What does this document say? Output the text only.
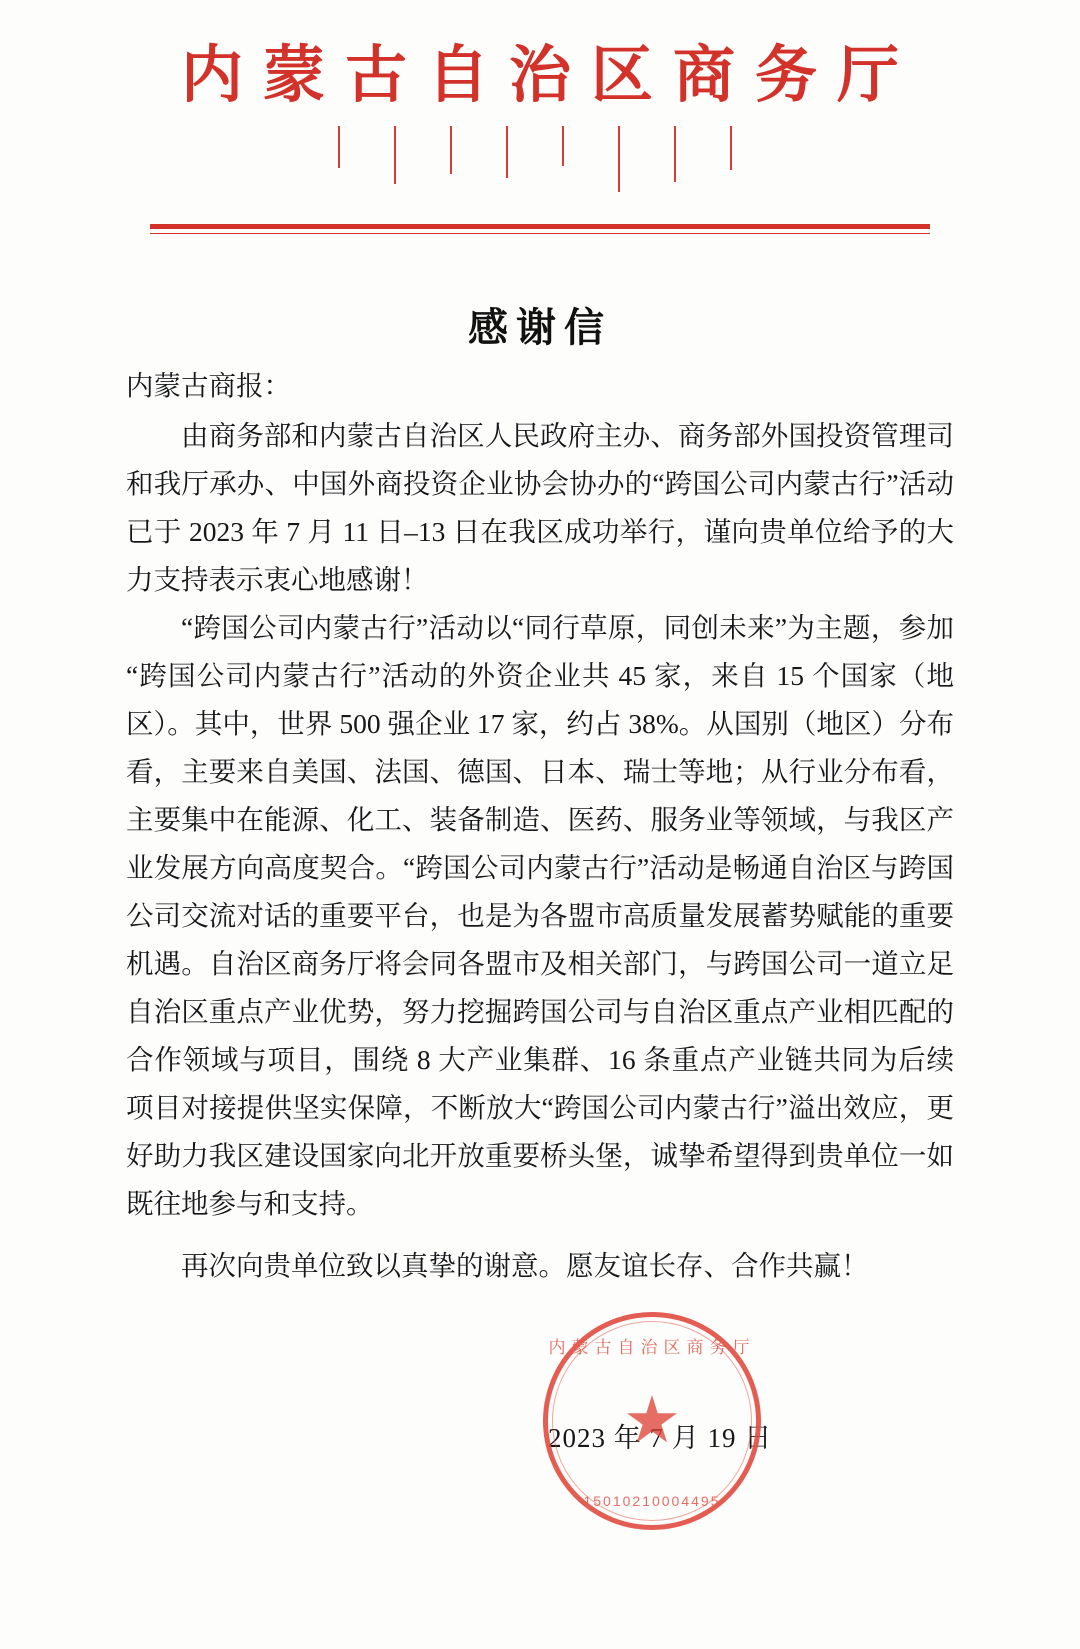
内蒙古自治区商务厅
感谢信

内蒙古商报：

由商务部和内蒙古自治区人民政府主办、商务部外国投资管理司和我厅承办、中国外商投资企业协会协办的“跨国公司内蒙古行”活动已于 2023 年 7 月 11 日–13 日在我区成功举行，谨向贵单位给予的大力支持表示衷心地感谢！

“跨国公司内蒙古行”活动以“同行草原，同创未来”为主题，参加“跨国公司内蒙古行”活动的外资企业共 45 家，来自 15 个国家（地区）。其中，世界 500 强企业 17 家，约占 38%。从国别（地区）分布看，主要来自美国、法国、德国、日本、瑞士等地；从行业分布看，主要集中在能源、化工、装备制造、医药、服务业等领域，与我区产业发展方向高度契合。“跨国公司内蒙古行”活动是畅通自治区与跨国公司交流对话的重要平台，也是为各盟市高质量发展蓄势赋能的重要机遇。自治区商务厅将会同各盟市及相关部门，与跨国公司一道立足自治区重点产业优势，努力挖掘跨国公司与自治区重点产业相匹配的合作领域与项目，围绕 8 大产业集群、16 条重点产业链共同为后续项目对接提供坚实保障，不断放大“跨国公司内蒙古行”溢出效应，更好助力我区建设国家向北开放重要桥头堡，诚挚希望得到贵单位一如既往地参与和支持。

再次向贵单位致以真挚的谢意。愿友谊长存、合作共赢！

2023 年 7 月 19 日
内蒙古自治区商务厅
15010210004495
